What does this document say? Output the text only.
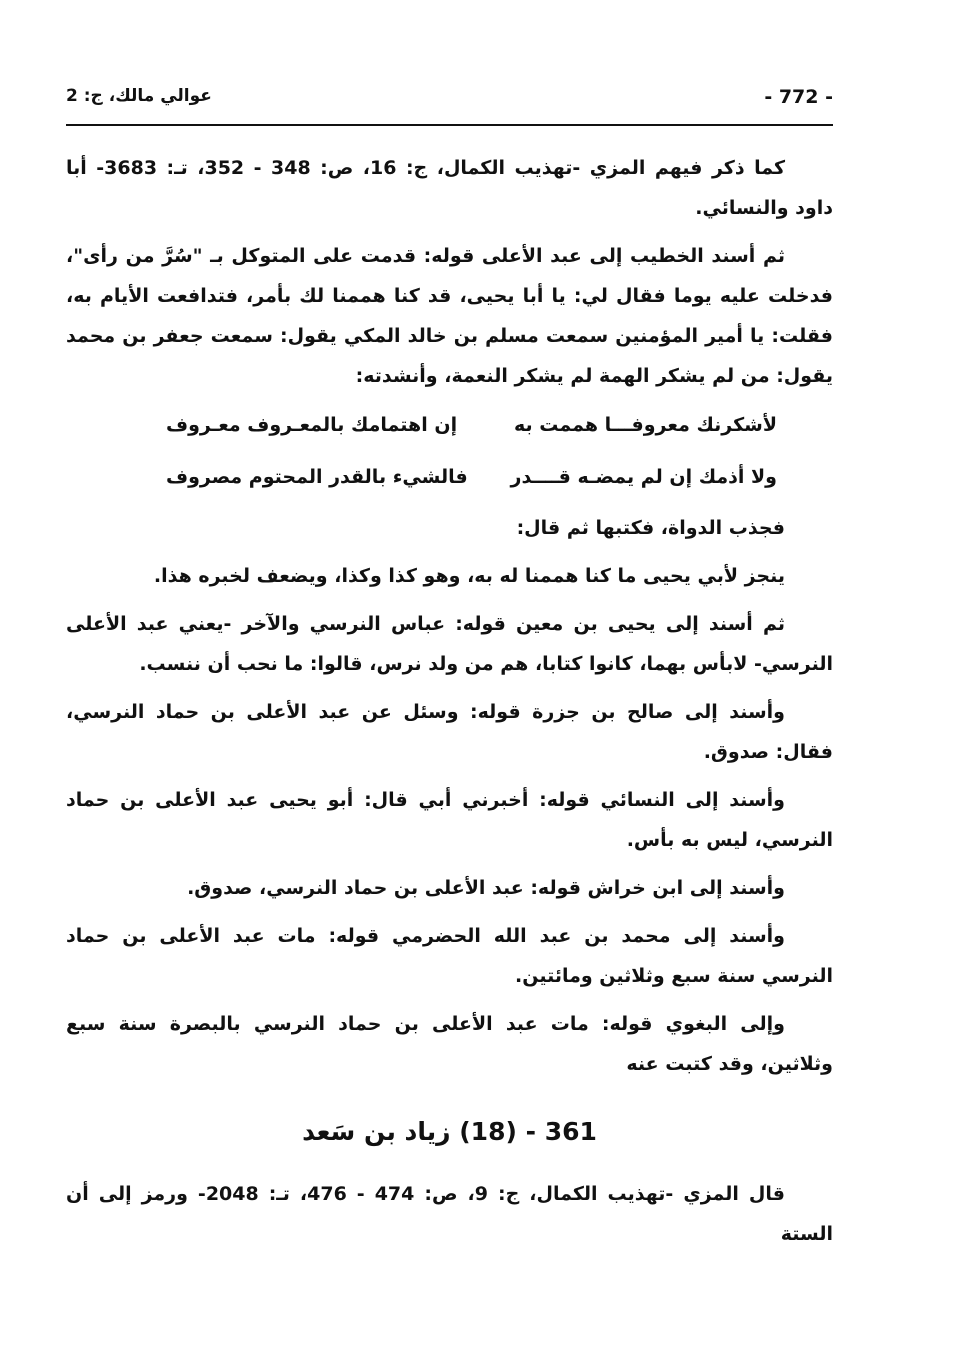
- 772 -
عوالي مالك، ج: 2

كما ذكر فيهم المزي -تهذيب الكمال، ج: 16، ص: 348 - 352، تـ: 3683- أبا داود والنسائي.

ثم أسند الخطيب إلى عبد الأعلى قوله: قدمت على المتوكل بـ "سُرَّ من رأى"، فدخلت عليه يوما فقال لي: يا أبا يحيى، قد كنا هممنا لك بأمر، فتدافعت الأيام به، فقلت: يا أمير المؤمنين سمعت مسلم بن خالد المكي يقول: سمعت جعفر بن محمد يقول: من لم يشكر الهمة لم يشكر النعمة، وأنشدته:

لأشكرنك معروفـــا هممت به
إن اهتمامك بالمعـروف معـروف
ولا أذمك إن لم يمضـه قــــدر
فالشيء بالقدر المحتوم مصروف

فجذب الدواة، فكتبها ثم قال:

ينجز لأبي يحيى ما كنا هممنا له به، وهو كذا وكذا، ويضعف لخبره هذا.

ثم أسند إلى يحيى بن معين قوله: عباس النرسي والآخر -يعني عبد الأعلى النرسي- لابأس بهما، كانوا كتابا، هم من ولد نرس، قالوا: ما نحب أن ننسب.

وأسند إلى صالح بن جزرة قوله: وسئل عن عبد الأعلى بن حماد النرسي، فقال: صدوق.

وأسند إلى النسائي قوله: أخبرني أبي قال: أبو يحيى عبد الأعلى بن حماد النرسي، ليس به بأس.

وأسند إلى ابن خراش قوله: عبد الأعلى بن حماد النرسي، صدوق.

وأسند إلى محمد بن عبد الله الحضرمي قوله: مات عبد الأعلى بن حماد النرسي سنة سبع وثلاثين ومائتين.

وإلى البغوي قوله: مات عبد الأعلى بن حماد النرسي بالبصرة سنة سبع وثلاثين، وقد كتبت عنه

361 - (18) زياد بن سَعد

قال المزي -تهذيب الكمال، ج: 9، ص: 474 - 476، تـ: 2048- ورمز إلى أن الستة
